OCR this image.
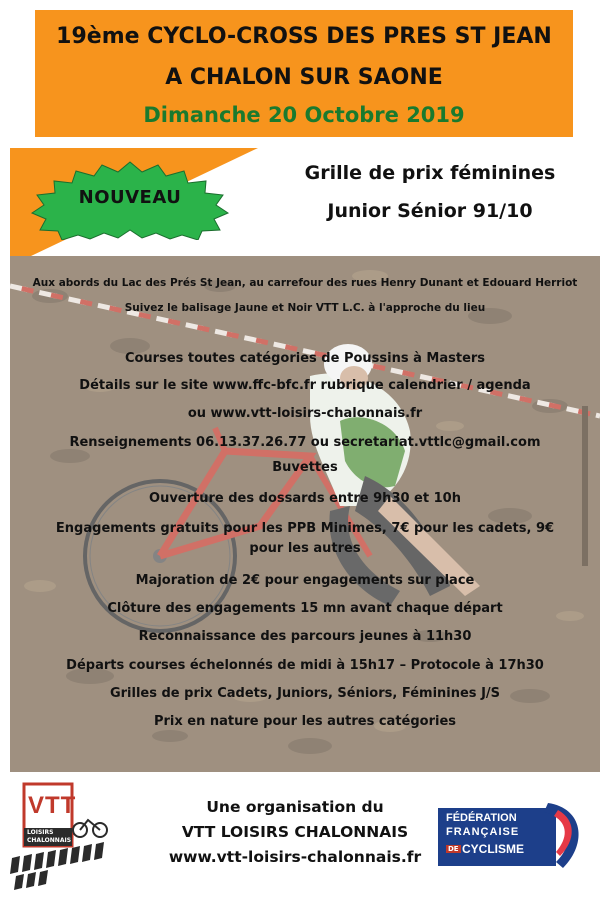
19ème CYCLO-CROSS DES PRES ST JEAN
A CHALON SUR SAONE
Dimanche 20 Octobre 2019
NOUVEAU
Grille de prix féminines
Junior Sénior 91/10
Aux abords du Lac des Prés St Jean, au carrefour des rues Henry Dunant et Edouard Herriot
Suivez le balisage Jaune et Noir VTT L.C. à l'approche du lieu
Courses toutes catégories de Poussins à Masters
Détails sur le site www.ffc-bfc.fr rubrique calendrier / agenda
ou www.vtt-loisirs-chalonnais.fr
Renseignements 06.13.37.26.77 ou secretariat.vttlc@gmail.com
Buvettes
Ouverture des dossards entre 9h30 et 10h
Engagements gratuits pour les PPB Minimes, 7€ pour les cadets, 9€
pour les autres
Majoration de 2€ pour engagements sur place
Clôture des engagements 15 mn avant chaque départ
Reconnaissance des parcours jeunes à 11h30
Départs courses échelonnés de midi à 15h17 – Protocole à 17h30
Grilles de prix Cadets, Juniors, Séniors, Féminines J/S
Prix en nature pour les autres catégories
VTT
LOISIRS
CHALONNAIS
Une organisation du
VTT LOISIRS CHALONNAIS
www.vtt-loisirs-chalonnais.fr
FÉDÉRATION
FRANÇAISE
CYCLISME
DE
